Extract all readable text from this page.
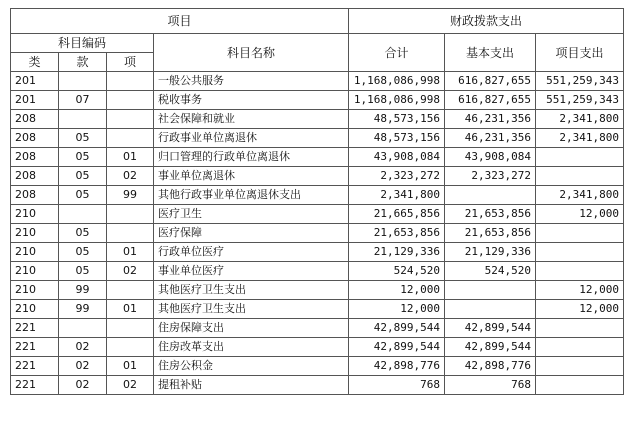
项目				财政拨款支出		
科目编码			科目名称	合计	基本支出	项目支出
类	款	项				
201			一般公共服务	1,168,086,998	616,827,655	551,259,343
201	07		税收事务	1,168,086,998	616,827,655	551,259,343
208			社会保障和就业	48,573,156	46,231,356	2,341,800
208	05		行政事业单位离退休	48,573,156	46,231,356	2,341,800
208	05	01	归口管理的行政单位离退休	43,908,084	43,908,084	
208	05	02	事业单位离退休	2,323,272	2,323,272	
208	05	99	其他行政事业单位离退休支出	2,341,800		2,341,800
210			医疗卫生	21,665,856	21,653,856	12,000
210	05		医疗保障	21,653,856	21,653,856	
210	05	01	行政单位医疗	21,129,336	21,129,336	
210	05	02	事业单位医疗	524,520	524,520	
210	99		其他医疗卫生支出	12,000		12,000
210	99	01	其他医疗卫生支出	12,000		12,000
221			住房保障支出	42,899,544	42,899,544	
221	02		住房改革支出	42,899,544	42,899,544	
221	02	01	住房公积金	42,898,776	42,898,776	
221	02	02	提租补贴	768	768	
